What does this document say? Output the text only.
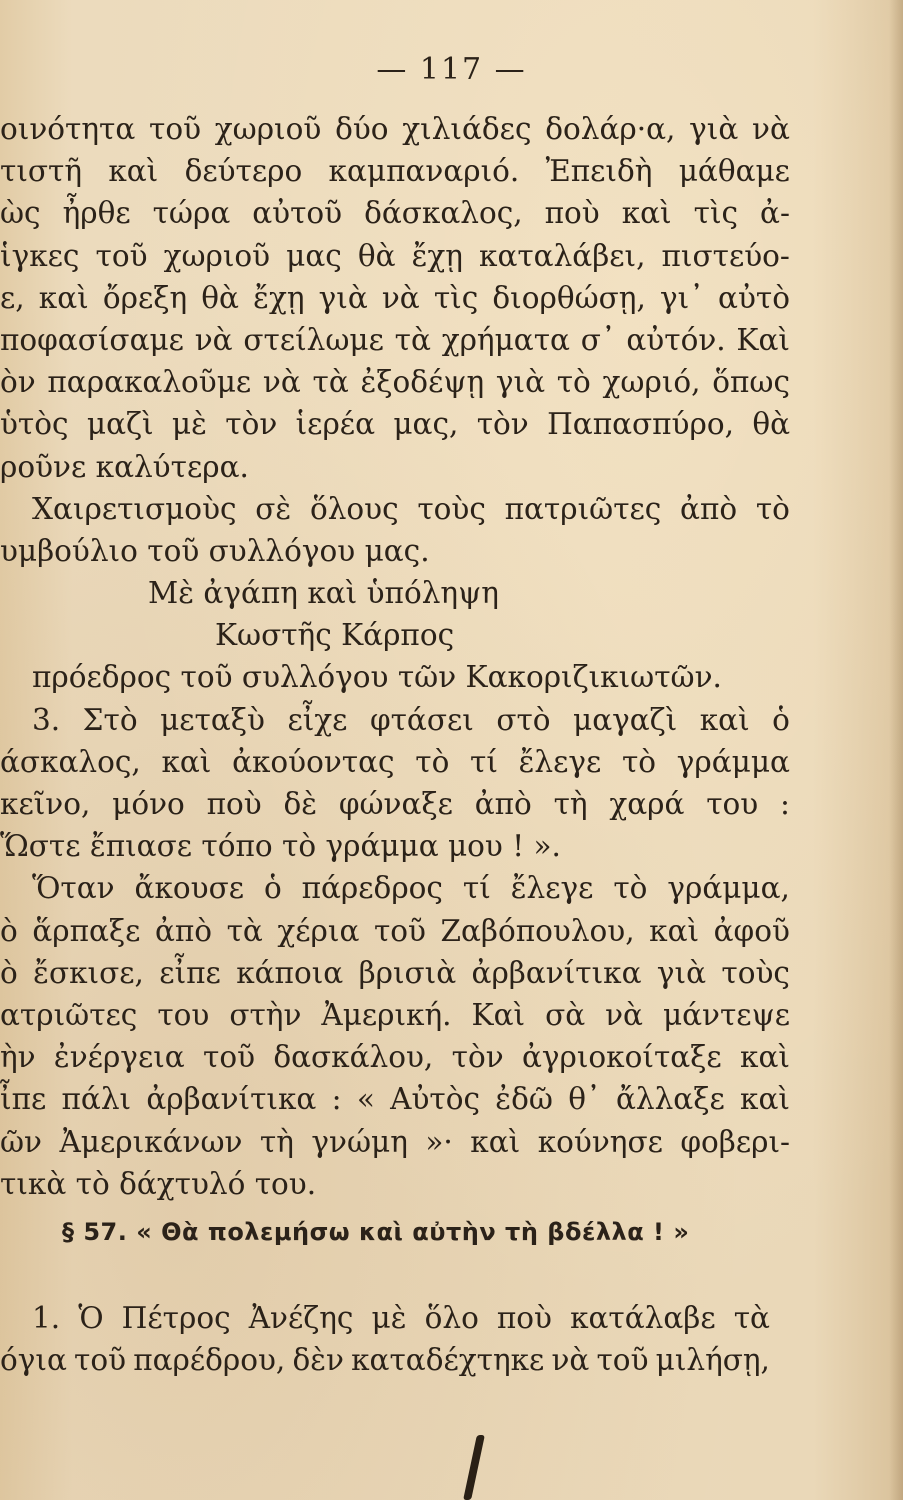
— 117 —
οινότητα τοῦ χωριοῦ δύο χιλιάδες δολάρ·α, γιὰ νὰ
τιστῆ καὶ δεύτερο καμπαναριό. Ἐπειδὴ μάθαμε
ὼς ἦρθε τώρα αὐτοῦ δάσκαλος, ποὺ καὶ τὶς ἀ-
ἱγκες τοῦ χωριοῦ μας θὰ ἔχῃ καταλάβει, πιστεύο-
ε, καὶ ὄρεξη θὰ ἔχῃ γιὰ νὰ τὶς διορθώσῃ, γι᾽ αὐτὸ
ποφασίσαμε νὰ στείλωμε τὰ χρήματα σ᾽ αὐτόν. Καὶ
ὸν παρακαλοῦμε νὰ τὰ ἐξοδέψῃ γιὰ τὸ χωριό, ὅπως
ὑτὸς μαζὶ μὲ τὸν ἱερέα μας, τὸν Παπασπύρο, θὰ
ροῦνε καλύτερα.
Χαιρετισμοὺς σὲ ὅλους τοὺς πατριῶτες ἀπὸ τὸ
υμβούλιο τοῦ συλλόγου μας.
Μὲ ἀγάπη καὶ ὑπόληψη
Κωστῆς Κάρπος
πρόεδρος τοῦ συλλόγου τῶν Κακοριζικιωτῶν.
3. Στὸ μεταξὺ εἶχε φτάσει στὸ μαγαζὶ καὶ ὁ
άσκαλος, καὶ ἀκούοντας τὸ τί ἔλεγε τὸ γράμμα
κεῖνο, μόνο ποὺ δὲ φώναξε ἀπὸ τὴ χαρά του :
Ὥστε ἔπιασε τόπο τὸ γράμμα μου ! ».
Ὅταν ἄκουσε ὁ πάρεδρος τί ἔλεγε τὸ γράμμα,
ὸ ἅρπαξε ἀπὸ τὰ χέρια τοῦ Ζαβόπουλου, καὶ ἀφοῦ
ὸ ἔσκισε, εἶπε κάποια βρισιὰ ἀρβανίτικα γιὰ τοὺς
ατριῶτες του στὴν Ἀμερική. Καὶ σὰ νὰ μάντεψε
ὴν ἐνέργεια τοῦ δασκάλου, τὸν ἀγριοκοίταξε καὶ
ἶπε πάλι ἀρβανίτικα : « Αὐτὸς ἐδῶ θ᾽ ἄλλαξε καὶ
ῶν Ἀμερικάνων τὴ γνώμη »· καὶ κούνησε φοβερι-
τικὰ τὸ δάχτυλό του.
§ 57. « Θὰ πολεμήσω καὶ αὐτὴν τὴ βδέλλα ! »
1. Ὁ Πέτρος Ἀνέζης μὲ ὅλο ποὺ κατάλαβε τὰ
όγια τοῦ παρέδρου, δὲν καταδέχτηκε νὰ τοῦ μιλήσῃ,
